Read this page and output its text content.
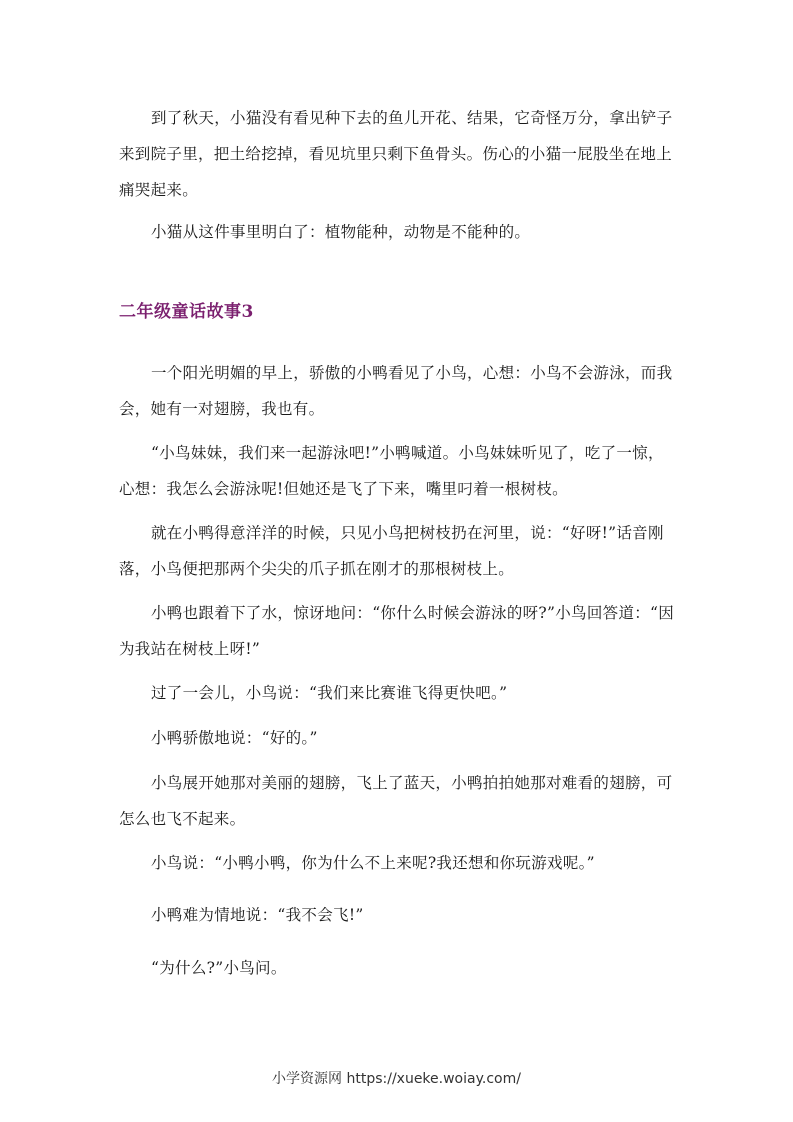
到了秋天，小猫没有看见种下去的鱼儿开花、结果，它奇怪万分，拿出铲子来到院子里，把土给挖掉，看见坑里只剩下鱼骨头。伤心的小猫一屁股坐在地上痛哭起来。

小猫从这件事里明白了：植物能种，动物是不能种的。

二年级童话故事3

一个阳光明媚的早上，骄傲的小鸭看见了小鸟，心想：小鸟不会游泳，而我会，她有一对翅膀，我也有。

“小鸟妹妹，我们来一起游泳吧!”小鸭喊道。小鸟妹妹听见了，吃了一惊，心想：我怎么会游泳呢!但她还是飞了下来，嘴里叼着一根树枝。

就在小鸭得意洋洋的时候，只见小鸟把树枝扔在河里，说：“好呀!”话音刚落，小鸟便把那两个尖尖的爪子抓在刚才的那根树枝上。

小鸭也跟着下了水，惊讶地问：“你什么时候会游泳的呀?”小鸟回答道：“因为我站在树枝上呀!”

过了一会儿，小鸟说：“我们来比赛谁飞得更快吧。”

小鸭骄傲地说：“好的。”

小鸟展开她那对美丽的翅膀，飞上了蓝天，小鸭拍拍她那对难看的翅膀，可怎么也飞不起来。

小鸟说：“小鸭小鸭，你为什么不上来呢?我还想和你玩游戏呢。”

小鸭难为情地说：“我不会飞!”

“为什么?”小鸟问。

小学资源网 https://xueke.woiay.com/
